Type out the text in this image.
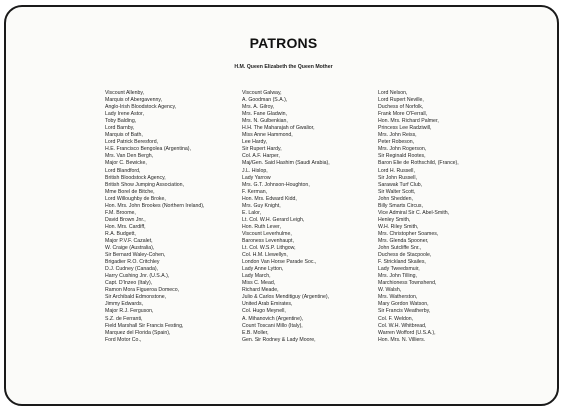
PATRONS
H.M. Queen Elizabeth the Queen Mother
Viscount Allenby,
Marquis of Abergavenny,
Anglo-Irish Bloodstock Agency,
Lady Irene Astor,
Toby Balding,
Lord Barnby,
Marquis of Bath,
Lord Patrick Beresford,
H.E. Francisco Bengolea (Argentina),
Mrs. Van Den Bergh,
Major C. Bewicke,
Lord Blandford,
British Bloodstock Agency,
British Show Jumping Association,
Mme Borel de Bitche,
Lord Willoughby de Broke,
Hon. Mrs. John Brookes (Northern Ireland),
F.M. Broome,
David Brown Jnr.,
Hon. Mrs. Cardiff,
R.A. Budgett,
Major P.V.F. Cazalet,
W. Craige (Australia),
Sir Bernard Waley-Cohen,
Brigadier R.O. Critchley
D.J. Cudney (Canada),
Harry Cushing Jnr. (U.S.A.),
Capt. D'Inzeo (Italy),
Ramon Mora Figueroa Domeco,
Sir Archibald Edmonstone,
Jimmy Edwards,
Major R.J. Ferguson,
S.Z. de Ferranti,
Field Marshall Sir Francis Festing,
Marquez del Florida (Spain),
Ford Motor Co.,
Viscount Galway,
A. Goodman (S.A.),
Mrs. A. Gilroy,
Mrs. Fane Gladwin,
Mrs. N. Gulbenkian,
H.H. The Maharajah of Gwalior,
Miss Anne Hammond,
Lee Hardy,
Sir Rupert Hardy,
Col. A.F. Harper,
Maj/Gen. Said Hashim (Saudi Arabia),
J.L. Hislop,
Lady Yarrow
Mrs. G.T. Johnson-Houghton,
F. Kerman,
Hon. Mrs. Edward Kidd,
Mrs. Guy Knight,
E. Lalor,
Lt. Col. W.H. Gerard Leigh,
Hon. Ruth Lever,
Viscount Leverhulme,
Baroness Levenhaupt,
Lt. Col. W.S.P. Lithgow,
Col. H.M. Llewellyn,
London Van Horse Parade Soc.,
Lady Anne Lytton,
Lady March,
Miss C. Mead,
Richard Meade,
Julio & Carlos Menditiguy (Argentine),
United Arab Emirates,
Col. Hugo Meynell,
A. Mihanovich (Argentine),
Count Toscani Millo (Italy),
E.B. Moller,
Gen. Sir Rodney & Lady Moore,
Lord Nelson,
Lord Rupert Neville,
Duchess of Norfolk,
Frank More O'Ferrall,
Hon. Mrs. Richard Palmer,
Princess Lee Radziwill,
Mrs. John Reiss,
Peter Robeson,
Mrs. John Rogerson,
Sir Reginald Rootes,
Baron Elie de Rothschild, (France),
Lord H. Russell,
Sir John Russell,
Sarawak Turf Club,
Sir Walter Scott,
John Shedden,
Billy Smarts Circus,
Vice Admiral Sir C. Abel-Smith,
Henley Smith,
W.H. Riley Smith,
Mrs. Christopher Soames,
Mrs. Glenda Spooner,
John Sutcliffe Snr.,
Duchess de Stacpoole,
F. Strickland Skailes,
Lady Tweedsmuir,
Mrs. John Tilling,
Marchioness Townshend,
W. Walsh,
Mrs. Watherston,
Mary Gordon Watson,
Sir Francis Weatherby,
Col. F. Weldon,
Col. W.H. Whitbread,
Warren Wofford (U.S.A.),
Hon. Mrs. N. Villiers.
